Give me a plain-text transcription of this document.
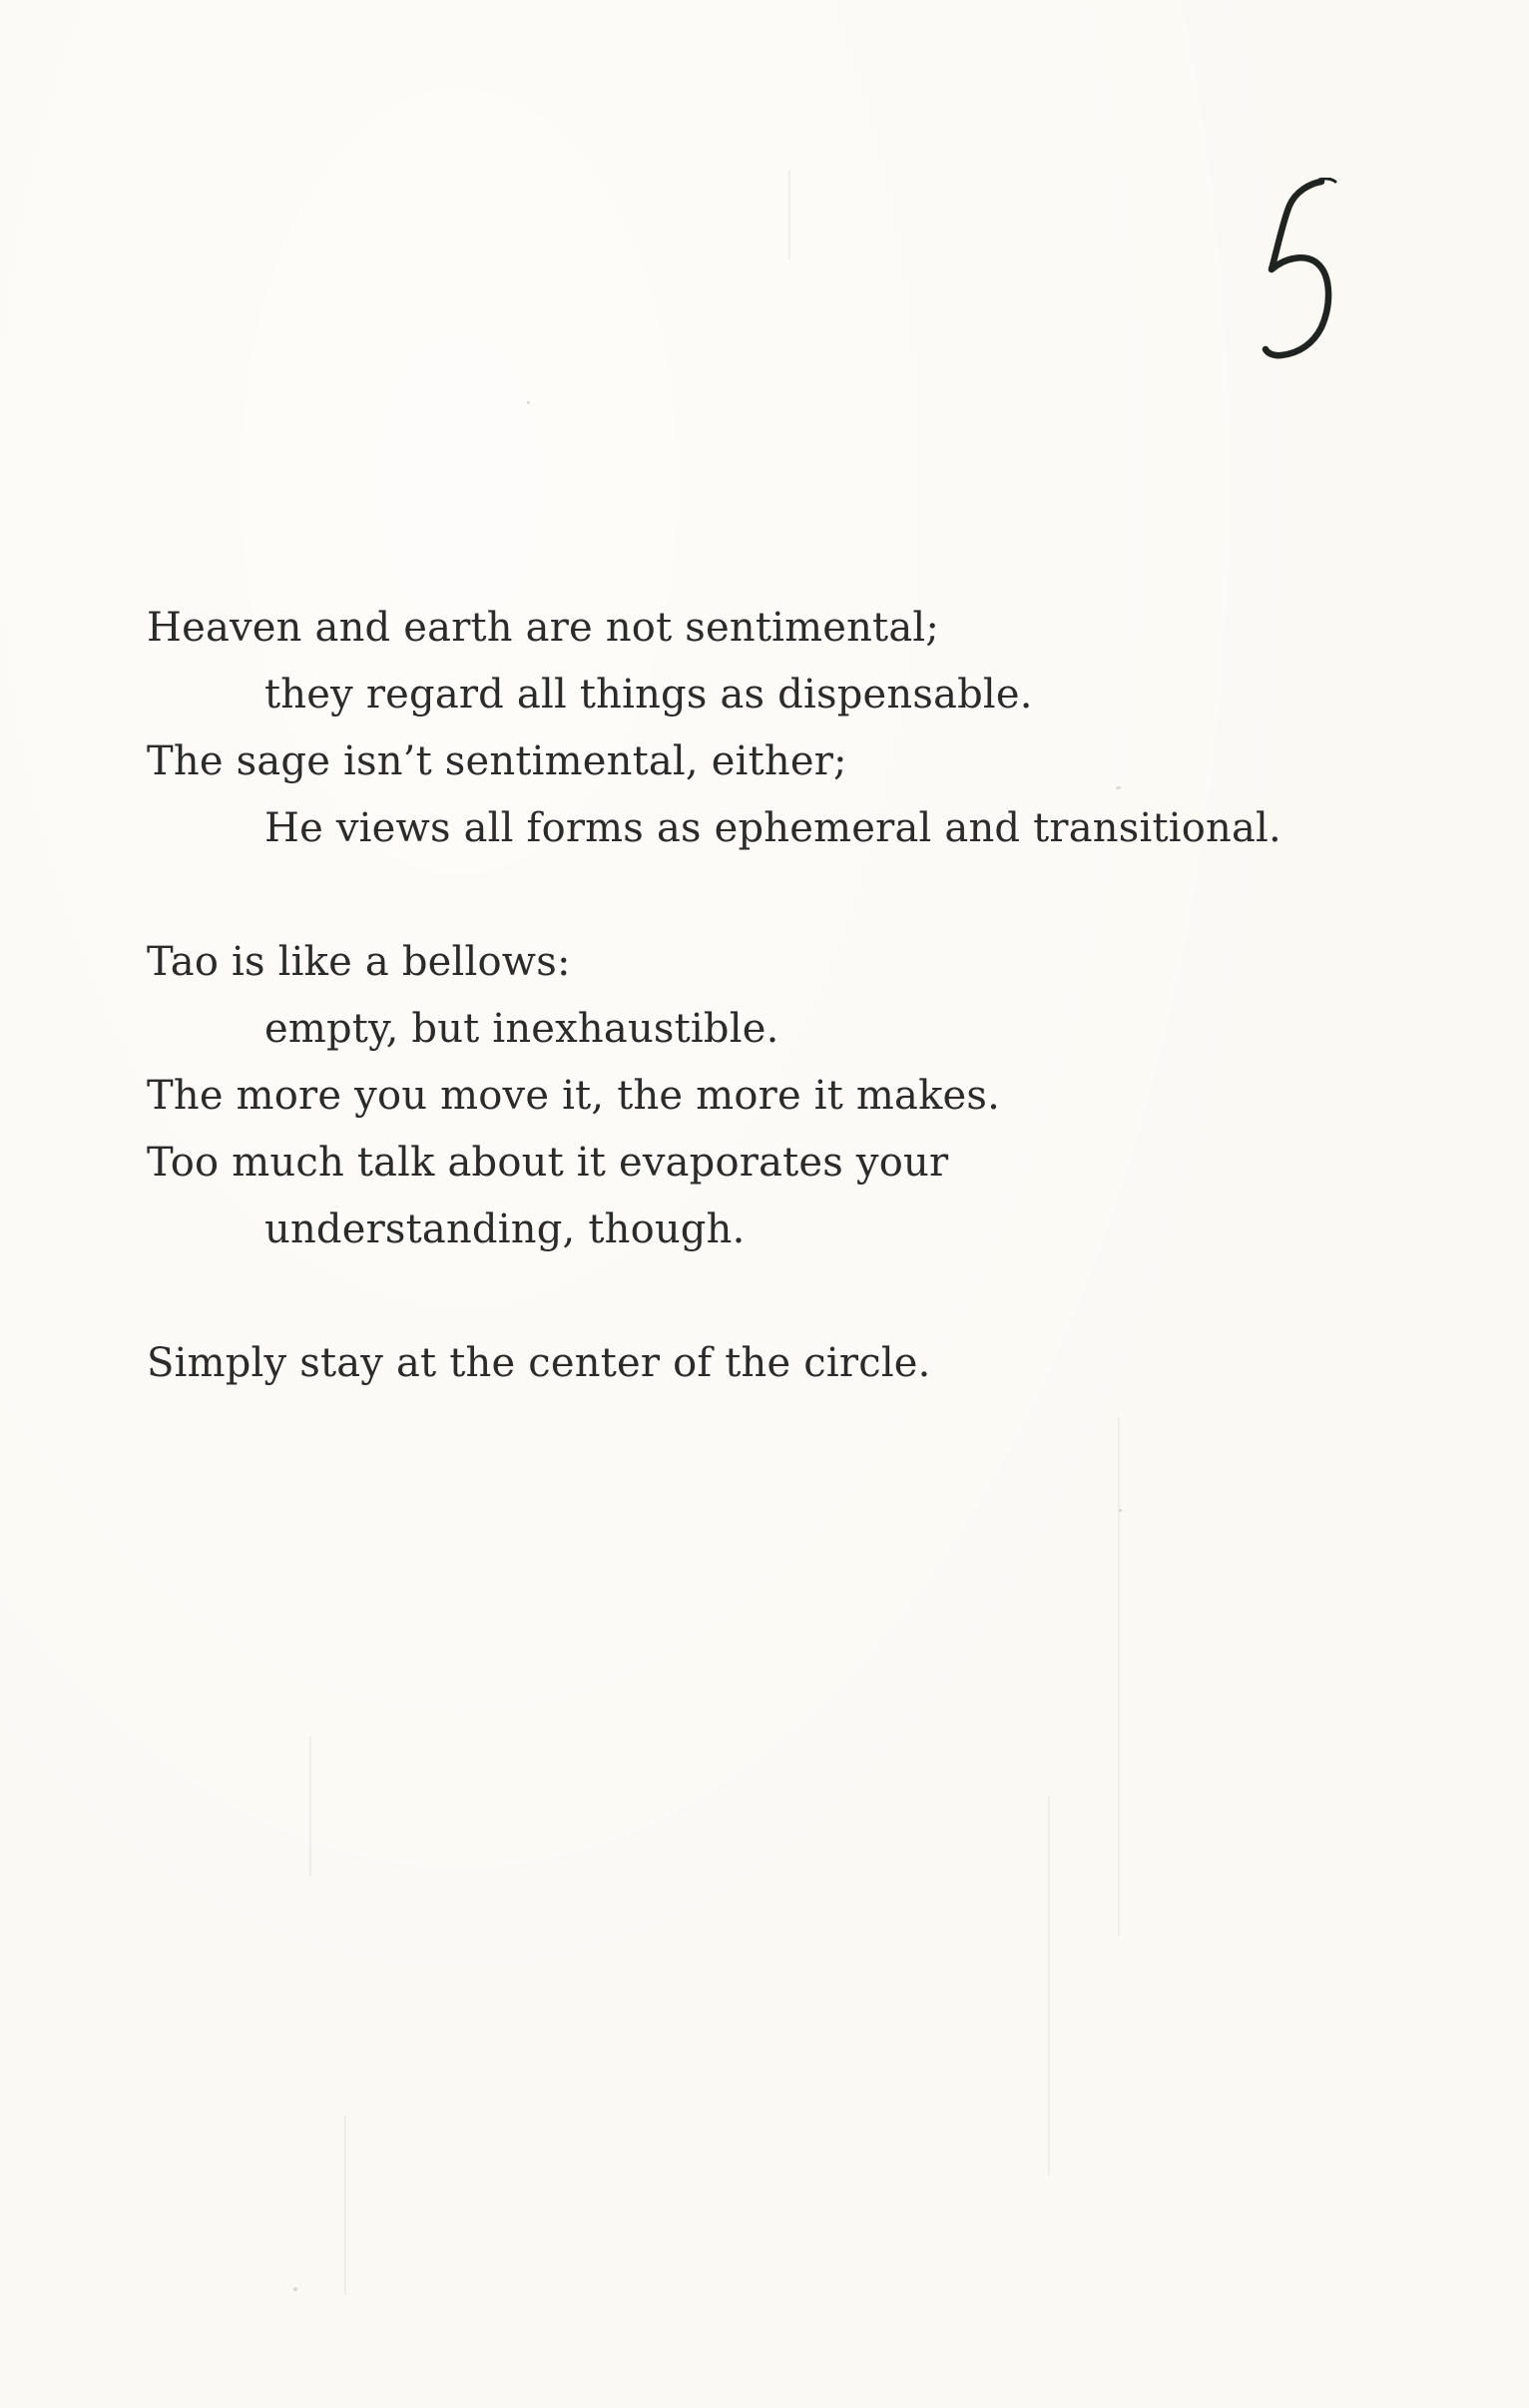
Heaven and earth are not sentimental;
they regard all things as dispensable.
The sage isn’t sentimental, either;
He views all forms as ephemeral and transitional.
Tao is like a bellows:
empty, but inexhaustible.
The more you move it, the more it makes.
Too much talk about it evaporates your
understanding, though.
Simply stay at the center of the circle.
